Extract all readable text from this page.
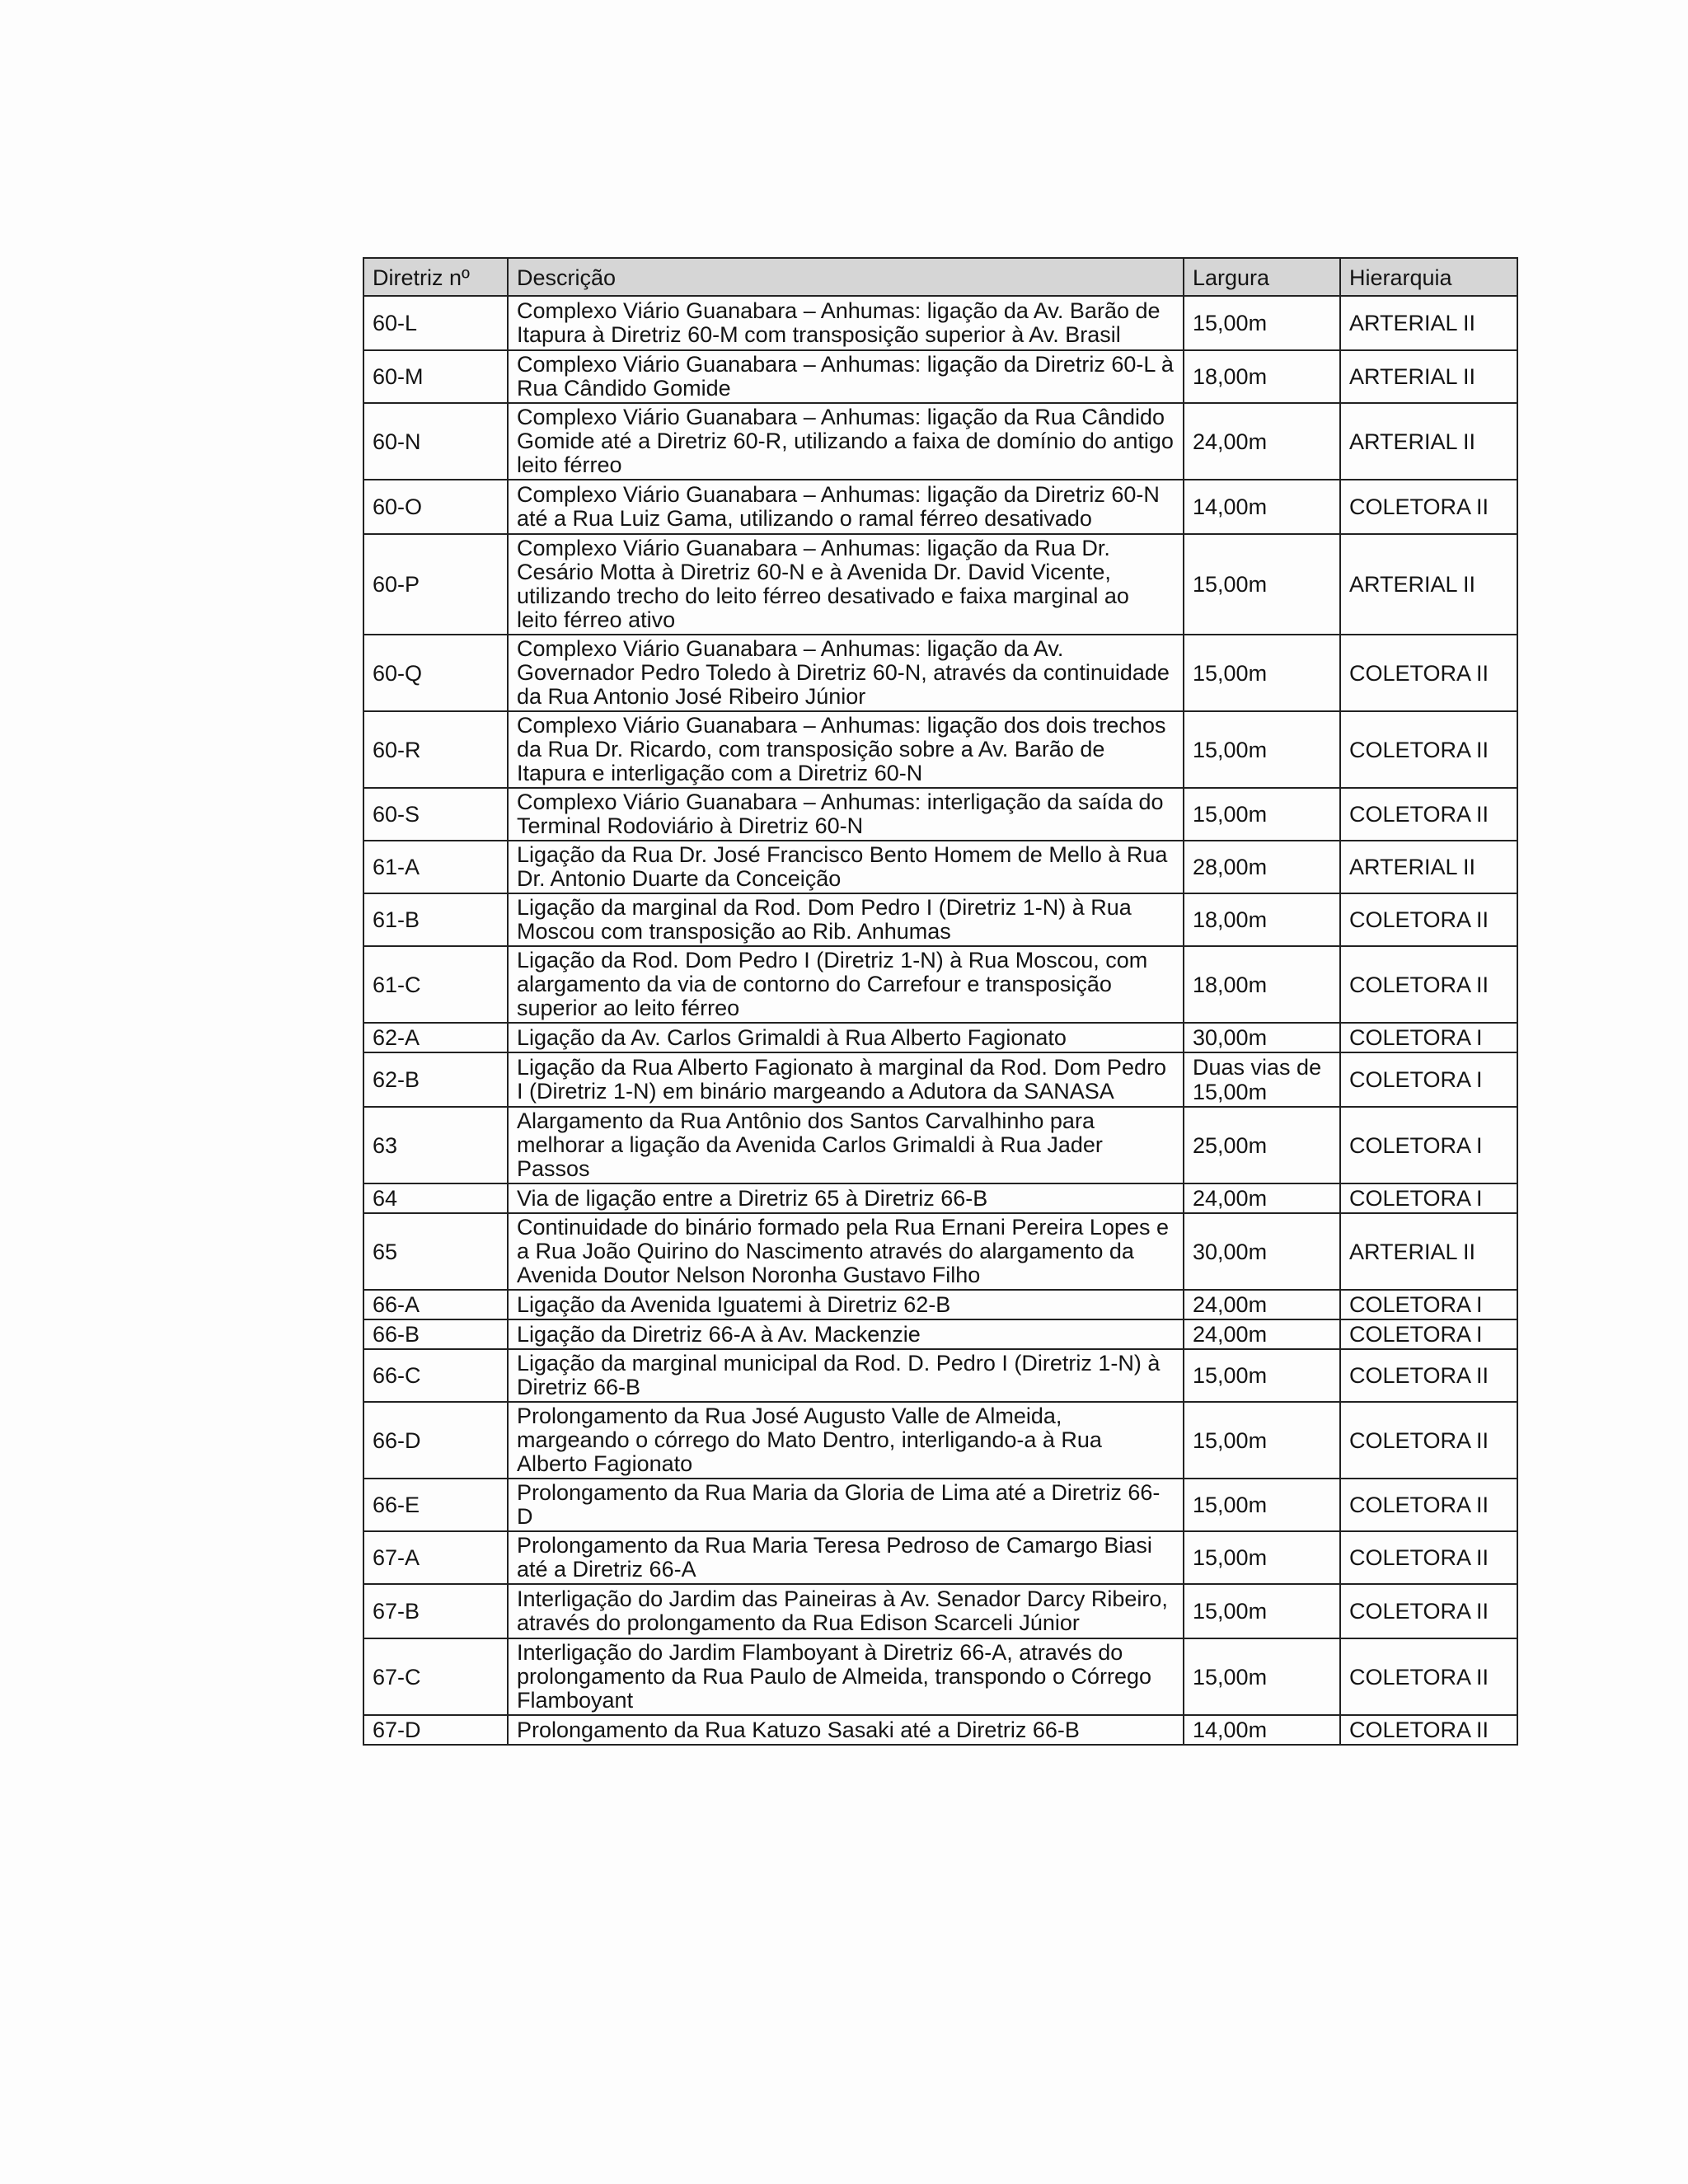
Diretriz nº	Descrição	Largura	Hierarquia
60-L	Complexo Viário Guanabara – Anhumas: ligação da Av. Barão de Itapura à Diretriz 60-M com transposição superior à Av. Brasil	15,00m	ARTERIAL II
60-M	Complexo Viário Guanabara – Anhumas: ligação da Diretriz 60-L à Rua Cândido Gomide	18,00m	ARTERIAL II
60-N	Complexo Viário Guanabara – Anhumas: ligação da Rua Cândido Gomide até a Diretriz 60-R, utilizando a faixa de domínio do antigo leito férreo	24,00m	ARTERIAL II
60-O	Complexo Viário Guanabara – Anhumas: ligação da Diretriz 60-N até a Rua Luiz Gama, utilizando o ramal férreo desativado	14,00m	COLETORA II
60-P	Complexo Viário Guanabara – Anhumas: ligação da Rua Dr. Cesário Motta à Diretriz 60-N e à Avenida Dr. David Vicente, utilizando trecho do leito férreo desativado e faixa marginal ao leito férreo ativo	15,00m	ARTERIAL II
60-Q	Complexo Viário Guanabara – Anhumas: ligação da Av. Governador Pedro Toledo à Diretriz 60-N, através da continuidade da Rua Antonio José Ribeiro Júnior	15,00m	COLETORA II
60-R	Complexo Viário Guanabara – Anhumas: ligação dos dois trechos da Rua Dr. Ricardo, com transposição sobre a Av. Barão de Itapura e interligação com a Diretriz 60-N	15,00m	COLETORA II
60-S	Complexo Viário Guanabara – Anhumas: interligação da saída do Terminal Rodoviário à Diretriz 60-N	15,00m	COLETORA II
61-A	Ligação da Rua Dr. José Francisco Bento Homem de Mello à Rua Dr. Antonio Duarte da Conceição	28,00m	ARTERIAL II
61-B	Ligação da marginal da Rod. Dom Pedro I (Diretriz 1-N) à Rua Moscou com transposição ao Rib. Anhumas	18,00m	COLETORA II
61-C	Ligação da Rod. Dom Pedro I (Diretriz 1-N) à Rua Moscou, com alargamento da via de contorno do Carrefour e transposição superior ao leito férreo	18,00m	COLETORA II
62-A	Ligação da Av. Carlos Grimaldi à Rua Alberto Fagionato	30,00m	COLETORA I
62-B	Ligação da Rua Alberto Fagionato à marginal da Rod. Dom Pedro I (Diretriz 1-N) em binário margeando a Adutora da SANASA	Duas vias de 15,00m	COLETORA I
63	Alargamento da Rua Antônio dos Santos Carvalhinho para melhorar a ligação da Avenida Carlos Grimaldi à Rua Jader Passos	25,00m	COLETORA I
64	Via de ligação entre a Diretriz 65 à Diretriz 66-B	24,00m	COLETORA I
65	Continuidade do binário formado pela Rua Ernani Pereira Lopes e a Rua João Quirino do Nascimento através do alargamento da Avenida Doutor Nelson Noronha Gustavo Filho	30,00m	ARTERIAL II
66-A	Ligação da Avenida Iguatemi à Diretriz 62-B	24,00m	COLETORA I
66-B	Ligação da Diretriz 66-A à Av. Mackenzie	24,00m	COLETORA I
66-C	Ligação da marginal municipal da Rod. D. Pedro I (Diretriz 1-N) à Diretriz 66-B	15,00m	COLETORA II
66-D	Prolongamento da Rua José Augusto Valle de Almeida, margeando o córrego do Mato Dentro, interligando-a à Rua Alberto Fagionato	15,00m	COLETORA II
66-E	Prolongamento da Rua Maria da Gloria de Lima até a Diretriz 66-D	15,00m	COLETORA II
67-A	Prolongamento da Rua Maria Teresa Pedroso de Camargo Biasi até a Diretriz 66-A	15,00m	COLETORA II
67-B	Interligação do Jardim das Paineiras à Av. Senador Darcy Ribeiro, através do prolongamento da Rua Edison Scarceli Júnior	15,00m	COLETORA II
67-C	Interligação do Jardim Flamboyant à Diretriz 66-A, através do prolongamento da Rua Paulo de Almeida, transpondo o Córrego Flamboyant	15,00m	COLETORA II
67-D	Prolongamento da Rua Katuzo Sasaki até a Diretriz 66-B	14,00m	COLETORA II
